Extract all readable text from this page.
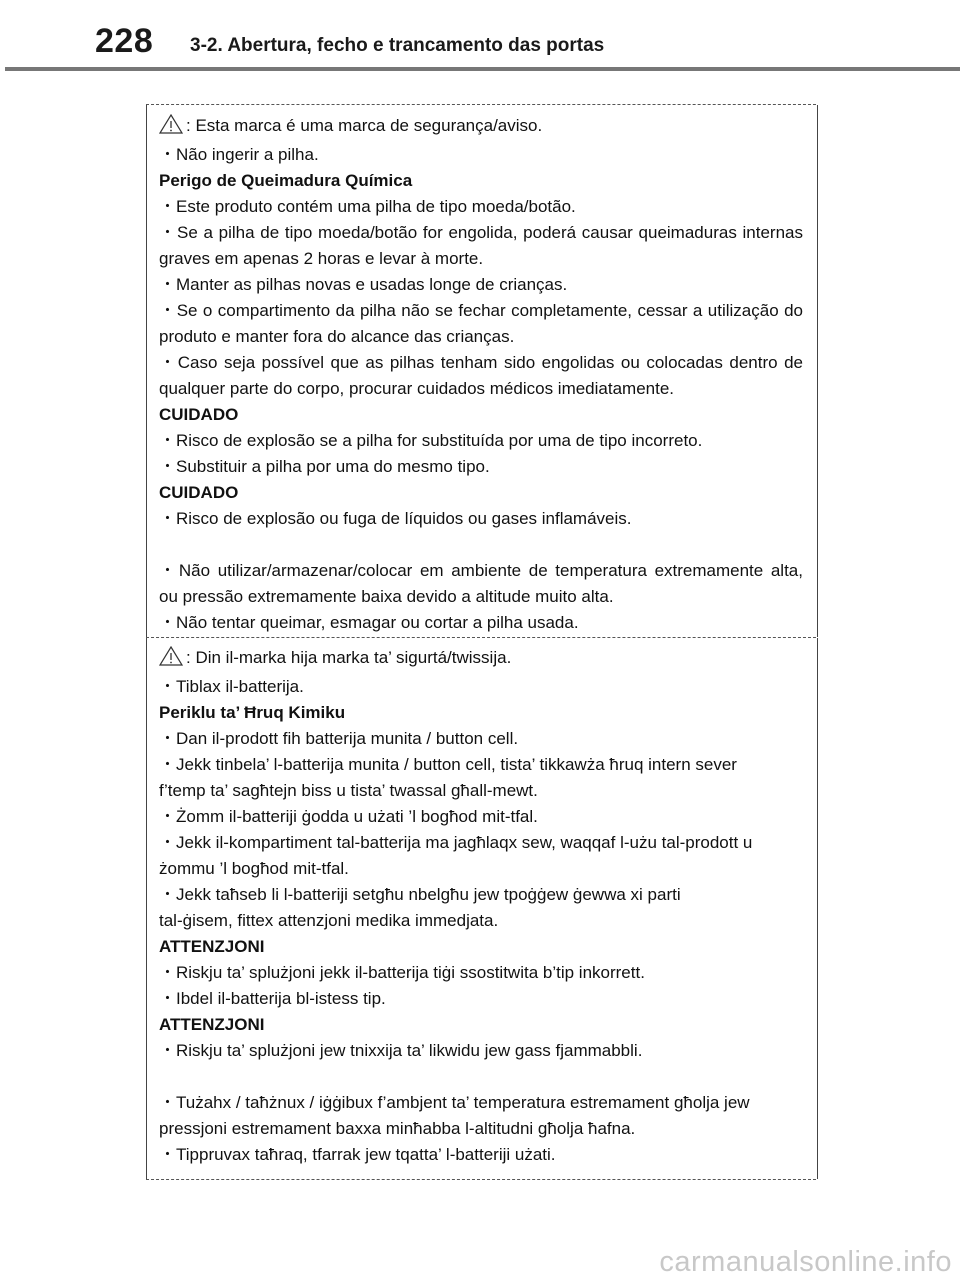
228 3-2. Abertura, fecho e trancamento das portas
: Esta marca é uma marca de segurança/aviso.
・Não ingerir a pilha.
Perigo de Queimadura Química
・Este produto contém uma pilha de tipo moeda/botão.
・Se a pilha de tipo moeda/botão for engolida, poderá causar queimaduras internas graves em apenas 2 horas e levar à morte.
・Manter as pilhas novas e usadas longe de crianças.
・Se o compartimento da pilha não se fechar completamente, cessar a utilização do produto e manter fora do alcance das crianças.
・Caso seja possível que as pilhas tenham sido engolidas ou colocadas dentro de qualquer parte do corpo, procurar cuidados médicos imediatamente.
CUIDADO
・Risco de explosão se a pilha for substituída por uma de tipo incorreto.
・Substituir a pilha por uma do mesmo tipo.
CUIDADO
・Risco de explosão ou fuga de líquidos ou gases inflamáveis.
・Não utilizar/armazenar/colocar em ambiente de temperatura extremamente alta, ou pressão extremamente baixa devido a altitude muito alta.
・Não tentar queimar, esmagar ou cortar a pilha usada.
: Din il-marka hija marka ta’ sigurtá/twissija.
・Tiblax il-batterija.
Periklu ta’ Ħruq Kimiku
・Dan il-prodott fih batterija munita / button cell.
・Jekk tinbela’ l-batterija munita / button cell, tista’ tikkawża ħruq intern sever
f’temp ta’ sagħtejn biss u tista’ twassal għall-mewt.
・Żomm il-batteriji ġodda u użati ’l bogħod mit-tfal.
・Jekk il-kompartiment tal-batterija ma jagħlaqx sew, waqqaf l-użu tal-prodott u
żommu ’l bogħod mit-tfal.
・Jekk taħseb li l-batteriji setgħu nbelgħu jew tpoġġew ġewwa xi parti
tal-ġisem, fittex attenzjoni medika immedjata.
ATTENZJONI
・Riskju ta’ splużjoni jekk il-batterija tiġi ssostitwita b’tip inkorrett.
・Ibdel il-batterija bl-istess tip.
ATTENZJONI
・Riskju ta’ splużjoni jew tnixxija ta’ likwidu jew gass fjammabbli.
・Tużahx / taħżnux / iġġibux f’ambjent ta’ temperatura estremament għolja jew
pressjoni estremament baxxa minħabba l-altitudni għolja ħafna.
・Tippruvax taħraq, tfarrak jew tqatta’ l-batteriji użati.
carmanualsonline.info
